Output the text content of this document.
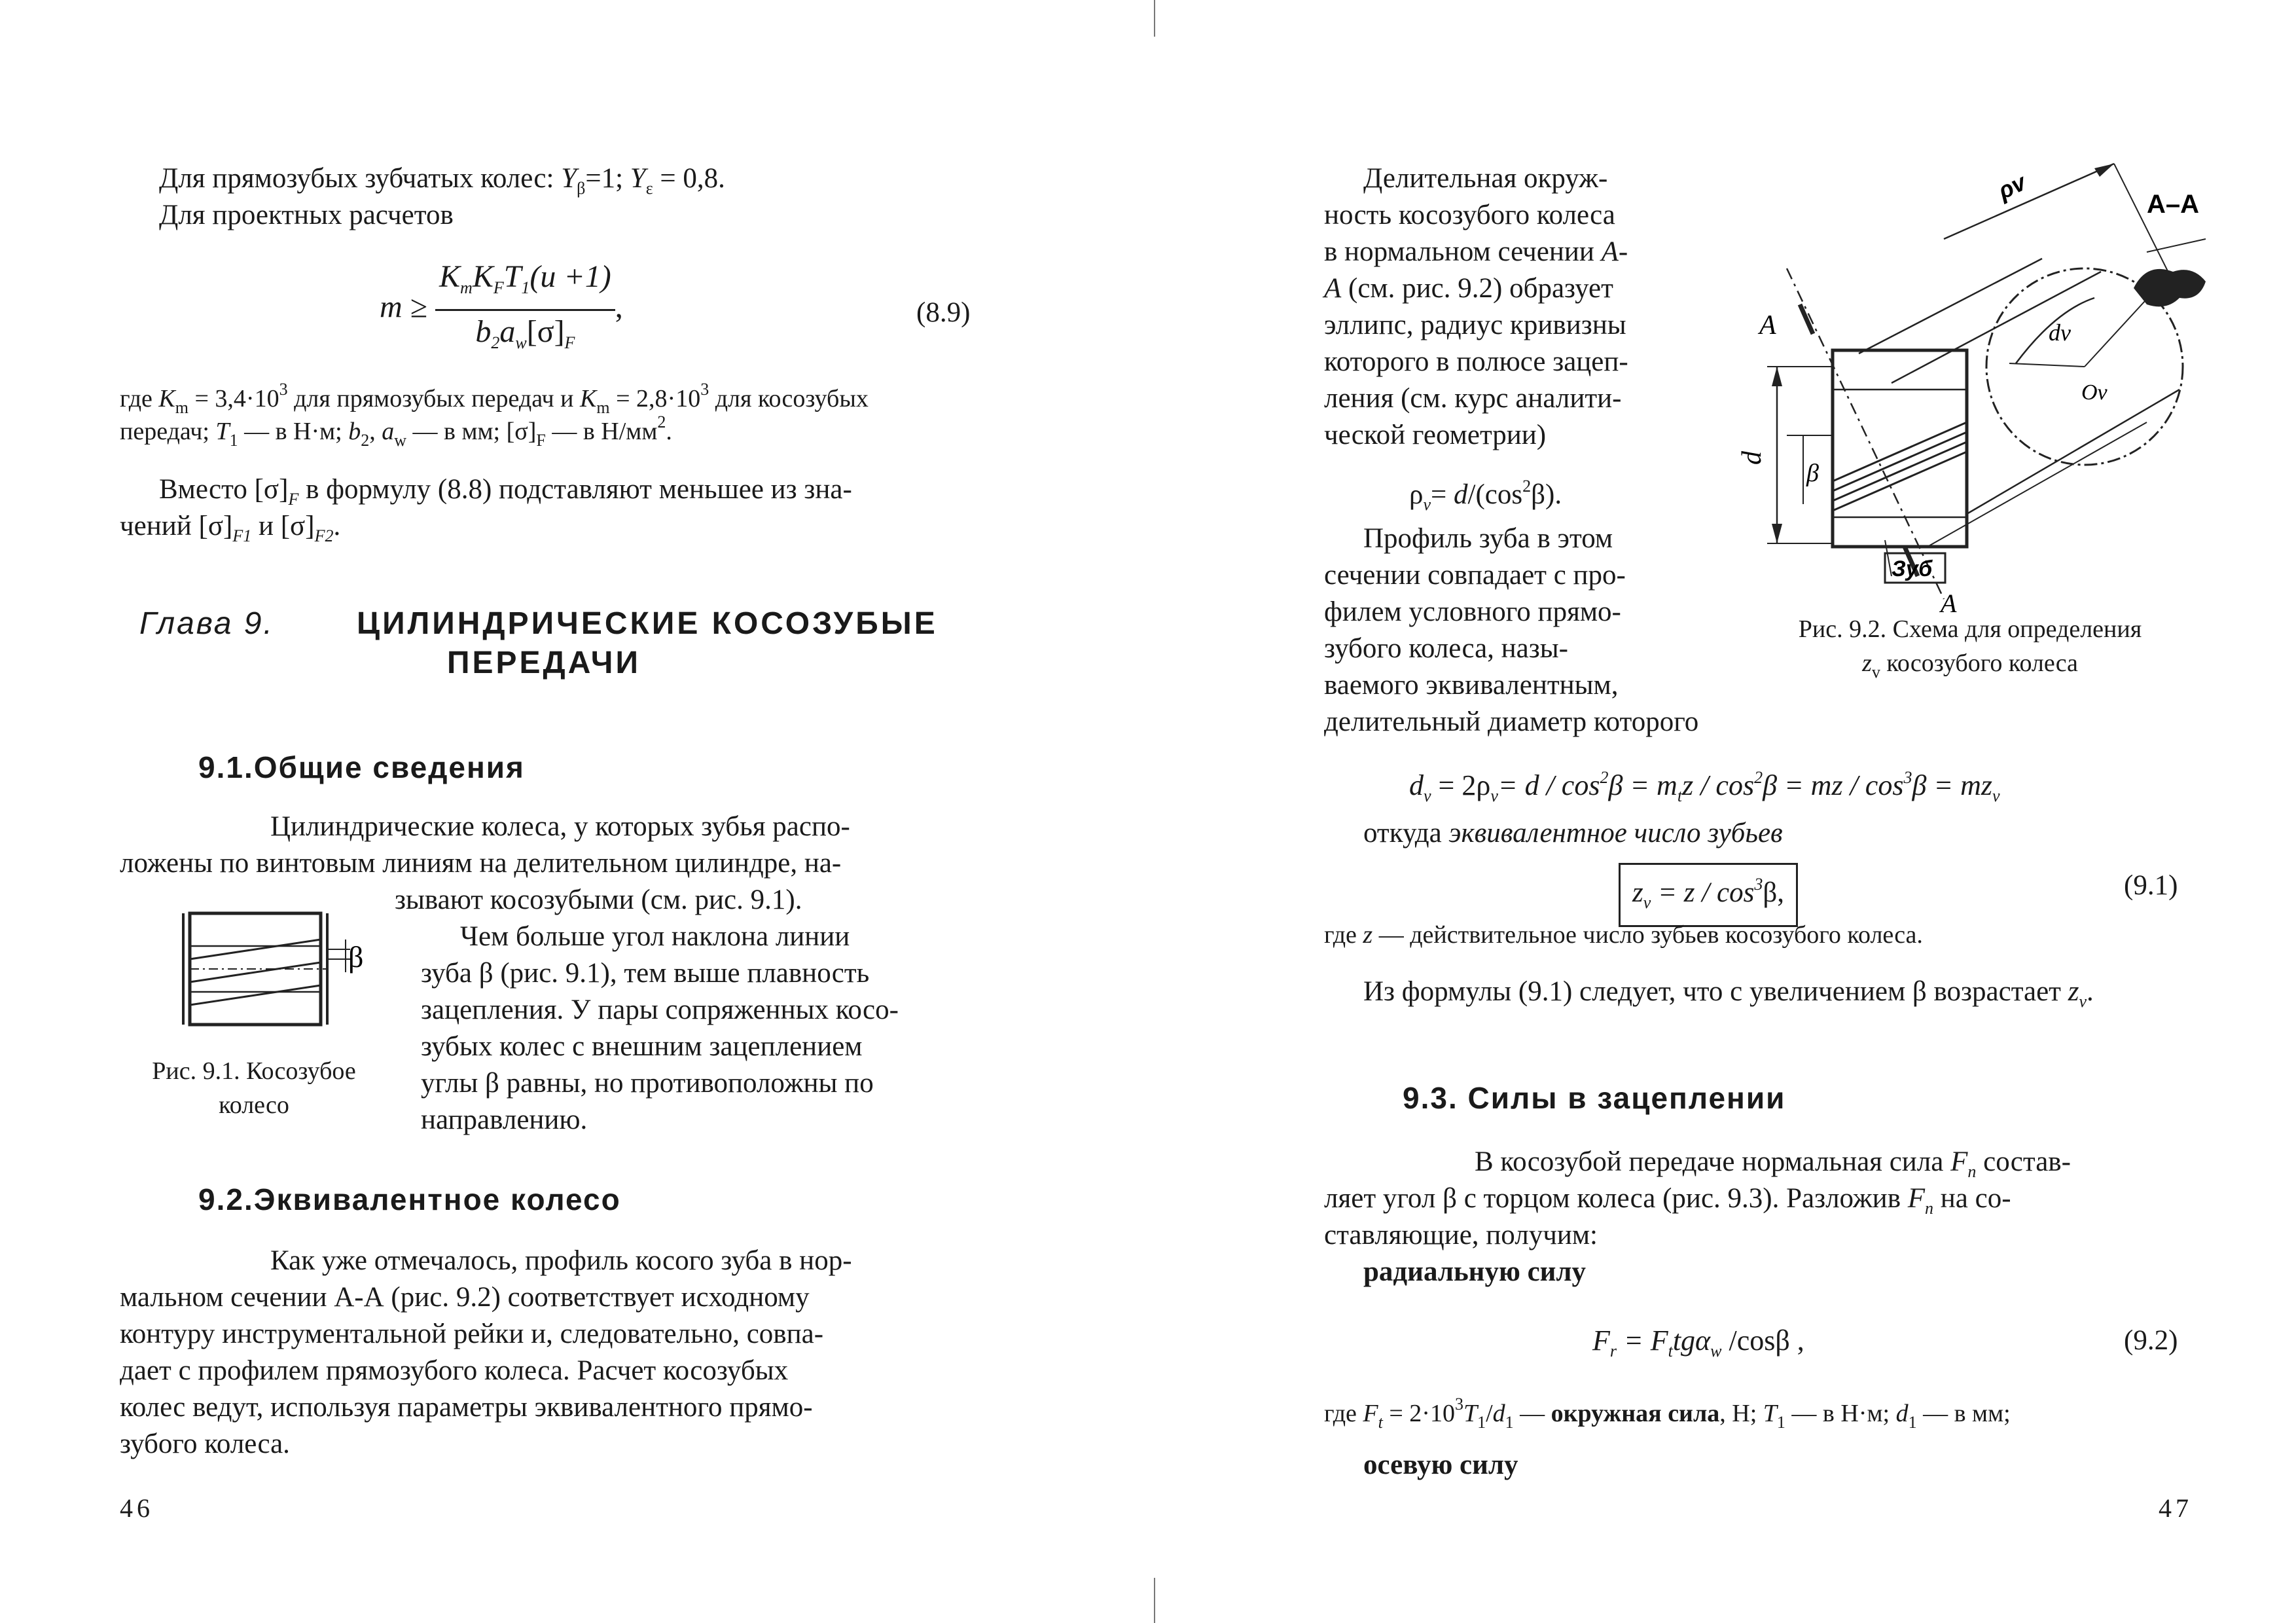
Для прямозубых зубчатых колес: $Y_\beta=1$; $Y_\varepsilon = 0,8$.
Для проектных расчетов
$m \ge \frac{K_mK_FT_1(u +1)}{b_2a_w[\sigma]_F}$ ,	(8.9)
где $K_m = 3,4\cdot 10^3$ для прямозубых передач и $K_m = 2,8\cdot 10^3$ для косозубых
передач; $T_1$ — в Н·м; $b_2$, $a_w$ — в мм; $[\sigma]_F$ — в $Н/мм^2$.
Вместо $[\sigma]_F$ в формулу (8.8) подставляют меньшее из зна-
чений $[\sigma]_{F1}$ и $[\sigma]_{F2}$.
Глава 9.	ЦИЛИНДРИЧЕСКИЕ КОСОЗУБЫЕ
ПЕРЕДАЧИ
9.1.Общие сведения
Цилиндрические колеса, у которых зубья распо-
ложены по винтовым линиям на делительном цилиндре, на-
зывают косозубыми (см. рис. 9.1).
Чем больше угол наклона линии
зуба β (рис. 9.1), тем выше плавность
зацепления. У пары сопряженных косо-
зубых колес с внешним зацеплением
углы β равны, но противоположны по
направлению.
β
Рис. 9.1. Косозубое
колесо
9.2.Эквивалентное колесо
Как уже отмечалось, профиль косого зуба в нор-
мальном сечении А-А (рис. 9.2) соответствует исходному
контуру инструментальной рейки и, следовательно, совпа-
дает с профилем прямозубого колеса. Расчет косозубых
колес ведут, используя параметры эквивалентного прямо-
зубого колеса.
46
Делительная окруж-
ность косозубого колеса
в нормальном сечении А-
А (см. рис. 9.2) образует
эллипс, радиус кривизны
которого в полюсе зацеп-
ления (см. курс аналити-
ческой геометрии)
$\rho_v= d/(\cos^2\beta)$.
Профиль зуба в этом
сечении совпадает с про-
филем условного прямо-
зубого колеса, назы-
ваемого эквивалентным,
делительный диаметр которого
А
А
d
β
Зуб
ρv
dv
Ov
А–А
Рис. 9.2. Схема для определения
$z_v$ косозубого колеса
$d_v = 2\rho_v= d / \cos^2\beta = m_tz / \cos^2\beta$ = mz / $\cos^3\beta = mz_v$
откуда эквивалентное число зубьев
$z_v = z / \cos^3\beta$,	(9.1)
где z — действительное число зубьев косозубого колеса.
Из формулы (9.1) следует, что с увеличением β возрастает $z_v$.
9.3. Силы в зацеплении
В косозубой передаче нормальная сила $F_n$ состав-
ляет угол β с торцом колеса (рис. 9.3). Разложив $F_n$ на со-
ставляющие, получим:
радиальную силу
$F_r = F_ttg\alpha_w$ /cosβ ,	(9.2)
где $F_t = 2\cdot 10^3T_1/d_1$ — окружная сила, Н; $T_1$ — в Н·м; $d_1$ — в мм;
осевую силу
47
